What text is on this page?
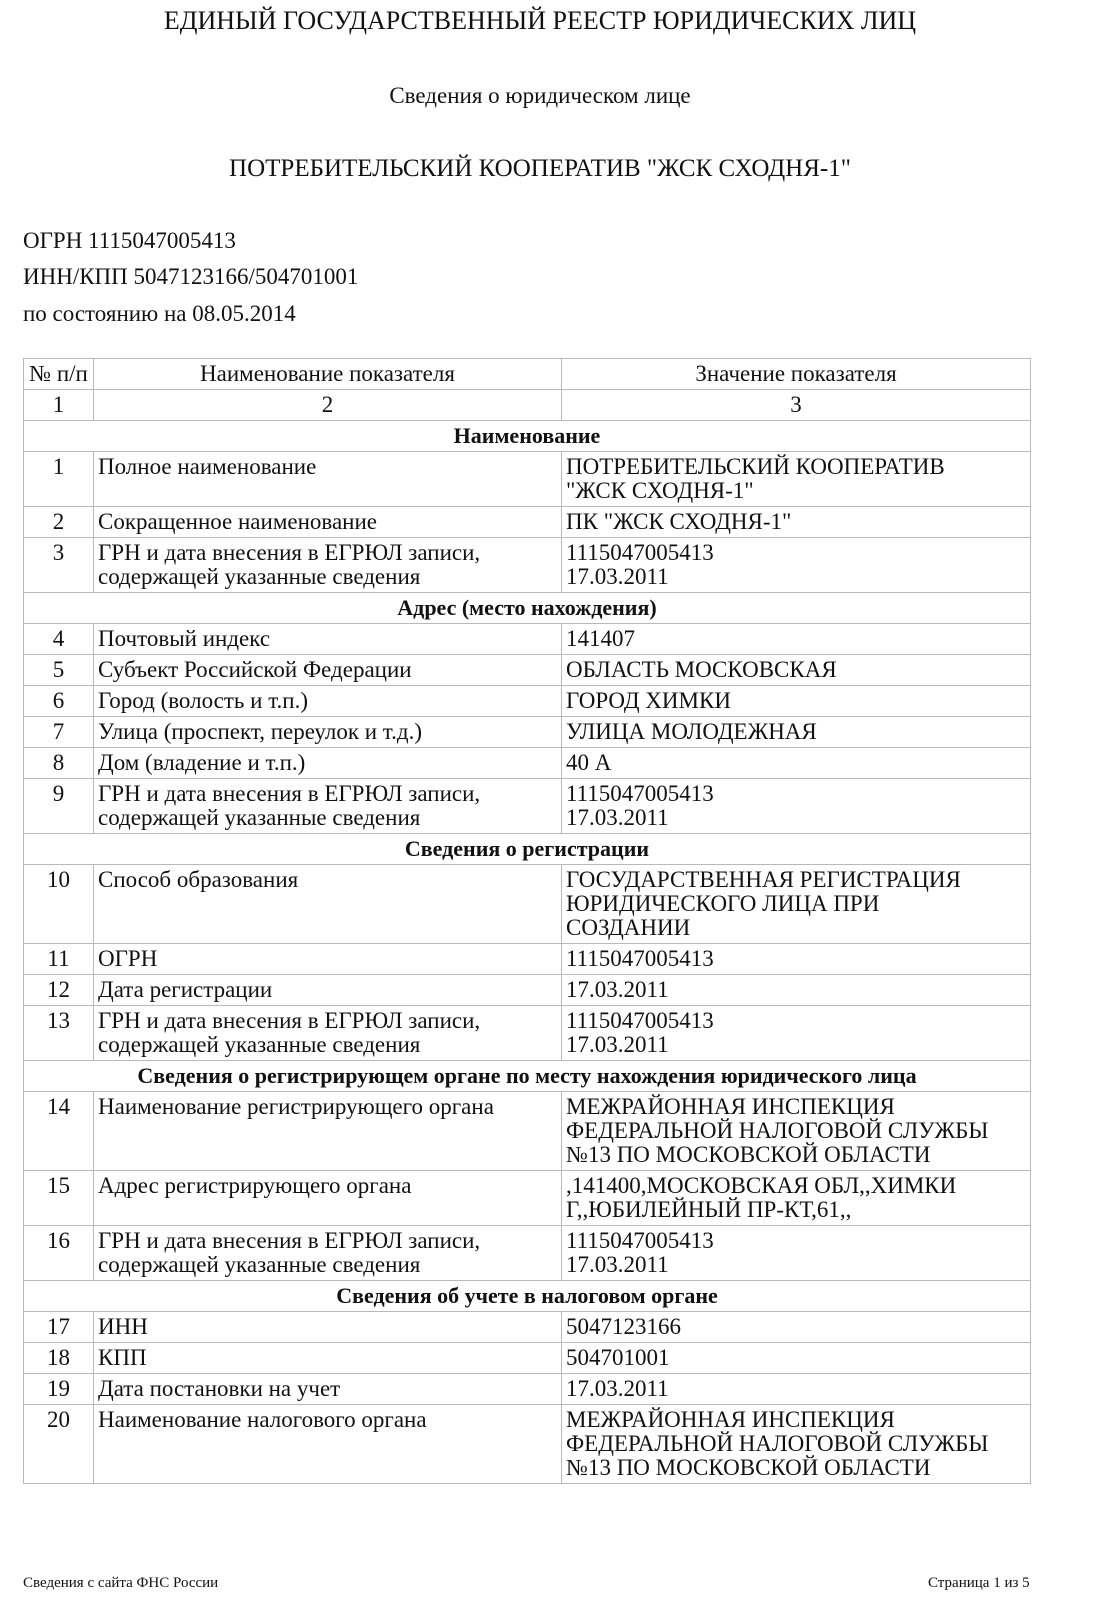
ЕДИНЫЙ ГОСУДАРСТВЕННЫЙ РЕЕСТР ЮРИДИЧЕСКИХ ЛИЦ
Сведения о юридическом лице
ПОТРЕБИТЕЛЬСКИЙ КООПЕРАТИВ "ЖСК СХОДНЯ-1"
ОГРН 1115047005413
ИНН/КПП 5047123166/504701001
по состоянию на 08.05.2014
№ п/п	Наименование показателя	Значение показателя
1	2	3
Наименование		
1	Полное наименование	ПОТРЕБИТЕЛЬСКИЙ КООПЕРАТИВ
"ЖСК СХОДНЯ-1"
2	Сокращенное наименование	ПК "ЖСК СХОДНЯ-1"
3	ГРН и дата внесения в ЕГРЮЛ записи,
содержащей указанные сведения	1115047005413
17.03.2011
Адрес (место нахождения)		
4	Почтовый индекс	141407
5	Субъект Российской Федерации	ОБЛАСТЬ МОСКОВСКАЯ
6	Город (волость и т.п.)	ГОРОД ХИМКИ
7	Улица (проспект, переулок и т.д.)	УЛИЦА МОЛОДЕЖНАЯ
8	Дом (владение и т.п.)	40 А
9	ГРН и дата внесения в ЕГРЮЛ записи,
содержащей указанные сведения	1115047005413
17.03.2011
Сведения о регистрации		
10	Способ образования	ГОСУДАРСТВЕННАЯ РЕГИСТРАЦИЯ
ЮРИДИЧЕСКОГО ЛИЦА ПРИ
СОЗДАНИИ
11	ОГРН	1115047005413
12	Дата регистрации	17.03.2011
13	ГРН и дата внесения в ЕГРЮЛ записи,
содержащей указанные сведения	1115047005413
17.03.2011
Сведения о регистрирующем органе по месту нахождения юридического лица		
14	Наименование регистрирующего органа	МЕЖРАЙОННАЯ ИНСПЕКЦИЯ
ФЕДЕРАЛЬНОЙ НАЛОГОВОЙ СЛУЖБЫ
№13 ПО МОСКОВСКОЙ ОБЛАСТИ
15	Адрес регистрирующего органа	,141400,МОСКОВСКАЯ ОБЛ,,ХИМКИ
Г,,ЮБИЛЕЙНЫЙ ПР-КТ,61,,
16	ГРН и дата внесения в ЕГРЮЛ записи,
содержащей указанные сведения	1115047005413
17.03.2011
Сведения об учете в налоговом органе		
17	ИНН	5047123166
18	КПП	504701001
19	Дата постановки на учет	17.03.2011
20	Наименование налогового органа	МЕЖРАЙОННАЯ ИНСПЕКЦИЯ
ФЕДЕРАЛЬНОЙ НАЛОГОВОЙ СЛУЖБЫ
№13 ПО МОСКОВСКОЙ ОБЛАСТИ
Сведения с сайта ФНС России	Страница 1 из 5
